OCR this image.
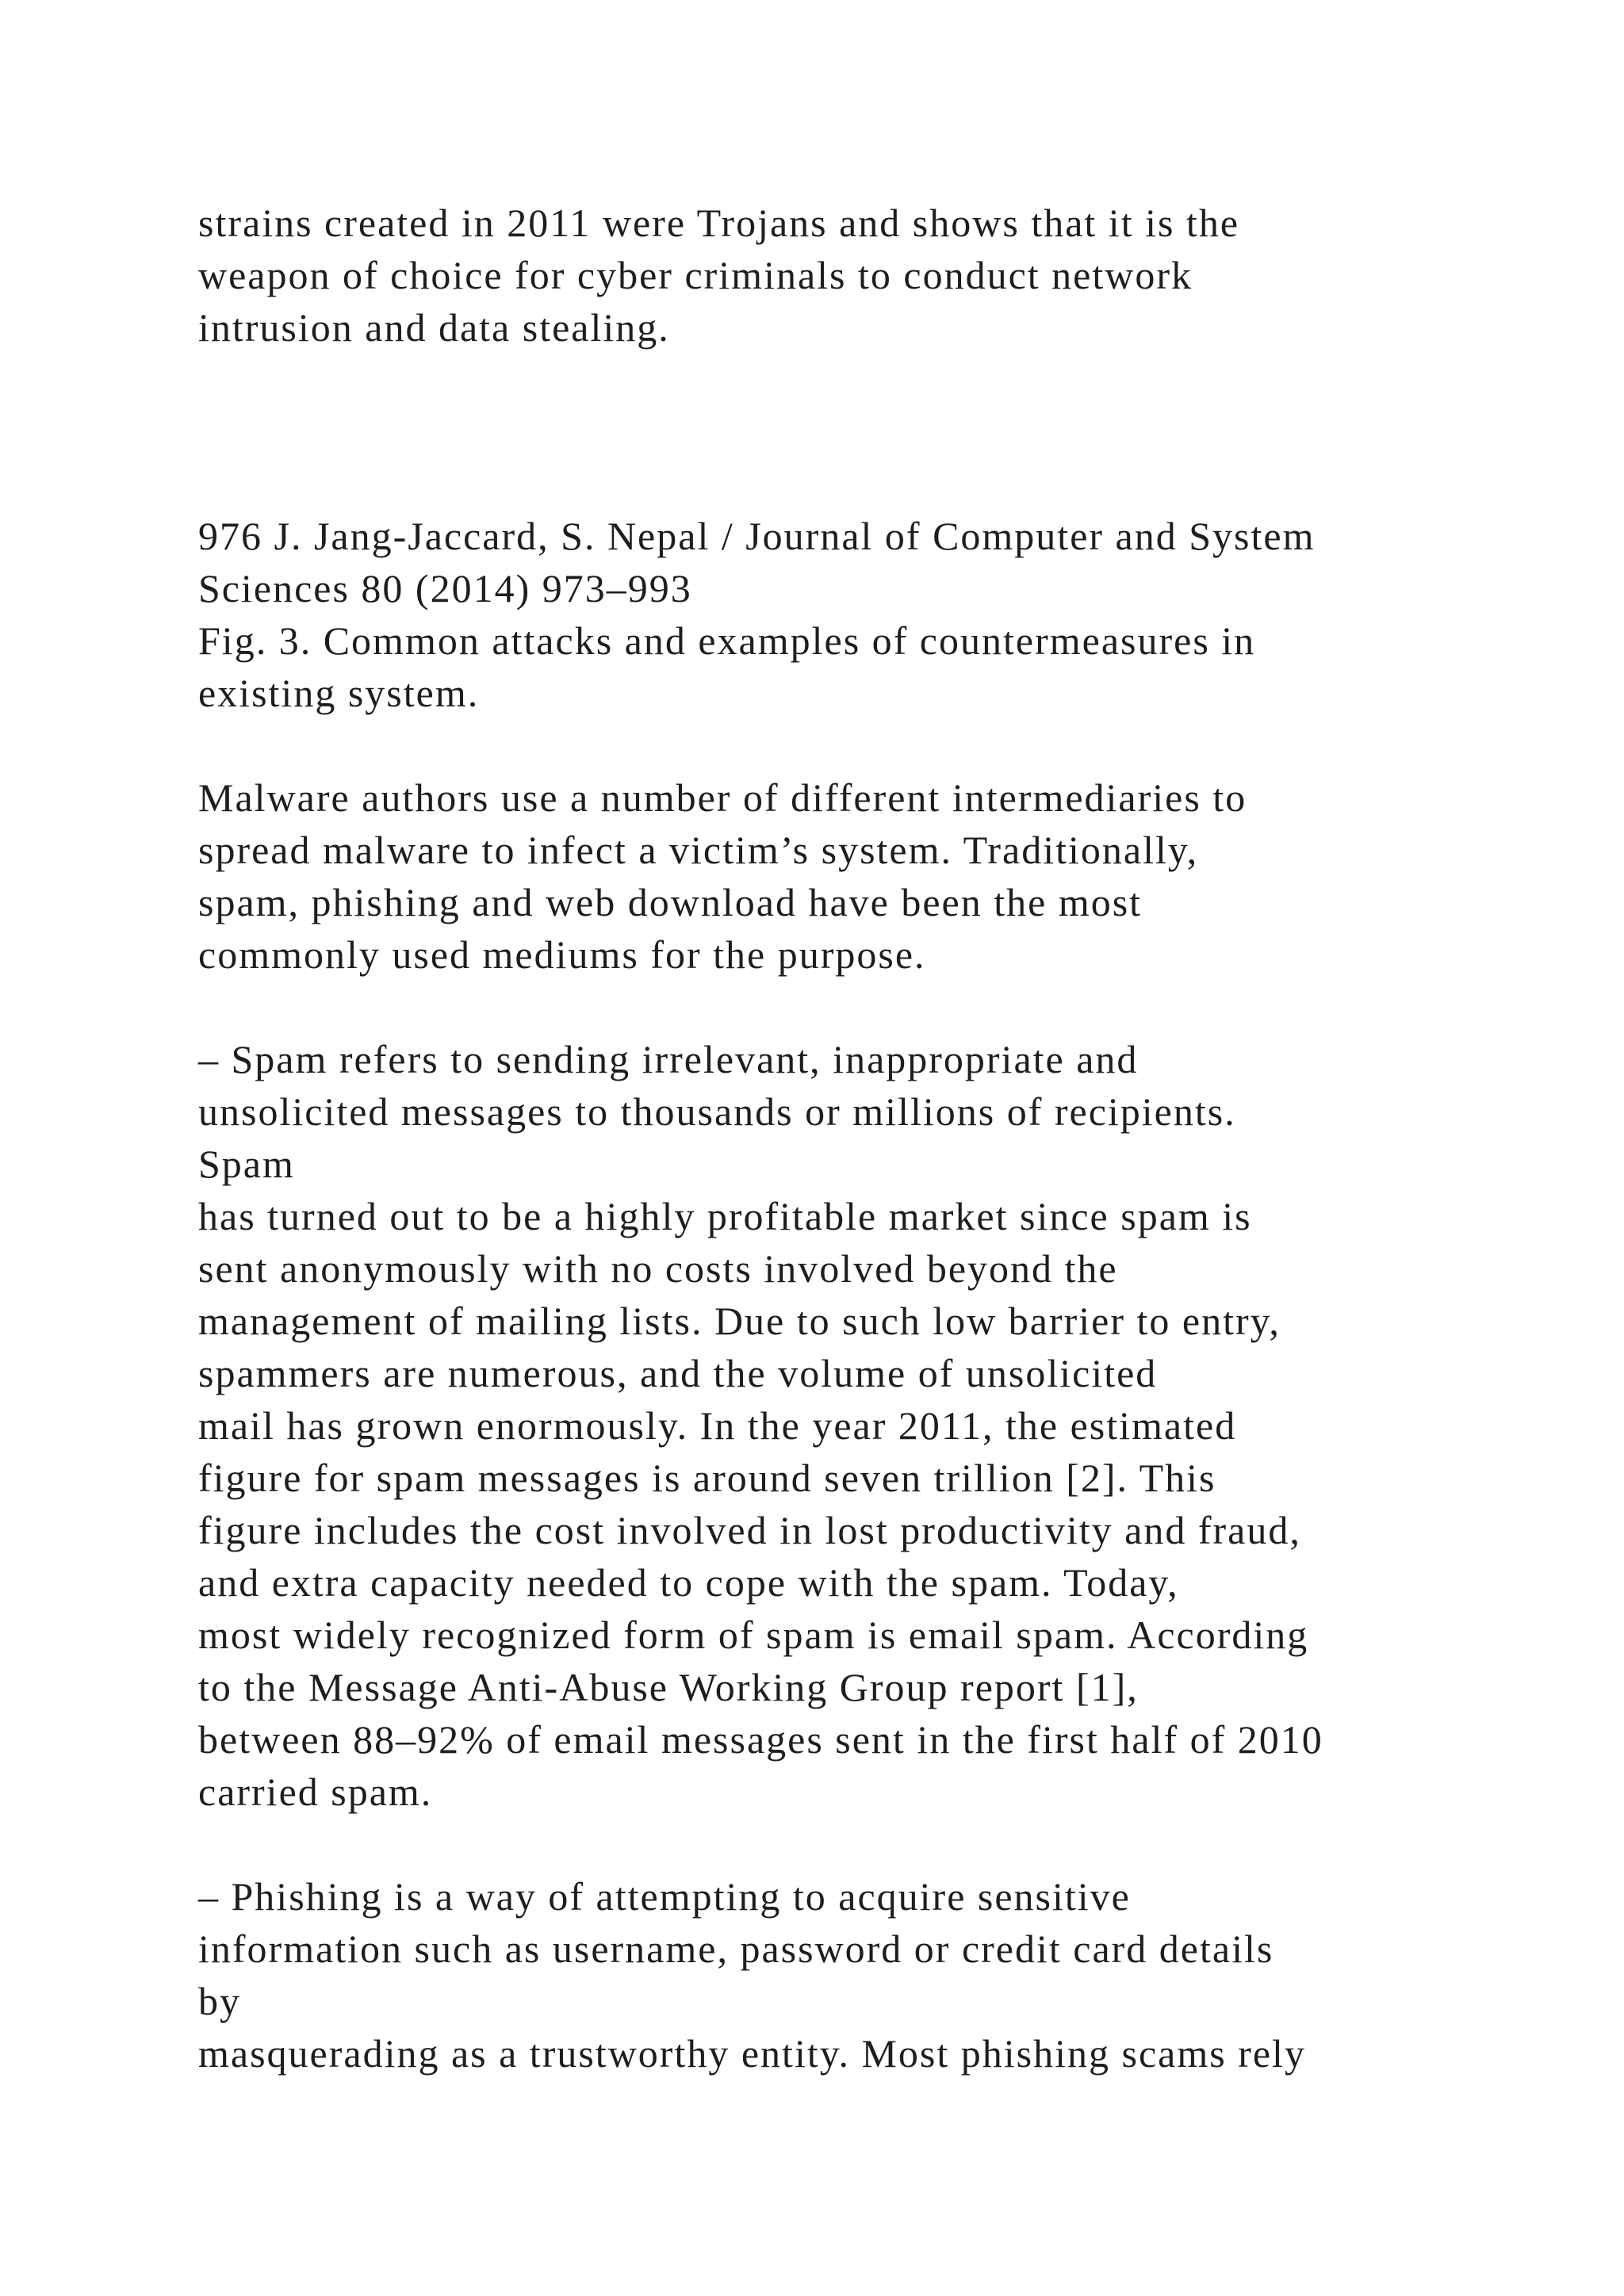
strains created in 2011 were Trojans and shows that it is the
weapon of choice for cyber criminals to conduct network
intrusion and data stealing.
976 J. Jang-Jaccard, S. Nepal / Journal of Computer and System
Sciences 80 (2014) 973–993
Fig. 3. Common attacks and examples of countermeasures in
existing system.
Malware authors use a number of different intermediaries to
spread malware to infect a victim’s system. Traditionally,
spam, phishing and web download have been the most
commonly used mediums for the purpose.
– Spam refers to sending irrelevant, inappropriate and
unsolicited messages to thousands or millions of recipients.
Spam
has turned out to be a highly profitable market since spam is
sent anonymously with no costs involved beyond the
management of mailing lists. Due to such low barrier to entry,
spammers are numerous, and the volume of unsolicited
mail has grown enormously. In the year 2011, the estimated
figure for spam messages is around seven trillion [2]. This
figure includes the cost involved in lost productivity and fraud,
and extra capacity needed to cope with the spam. Today,
most widely recognized form of spam is email spam. According
to the Message Anti-Abuse Working Group report [1],
between 88–92% of email messages sent in the first half of 2010
carried spam.
– Phishing is a way of attempting to acquire sensitive
information such as username, password or credit card details
by
masquerading as a trustworthy entity. Most phishing scams rely
